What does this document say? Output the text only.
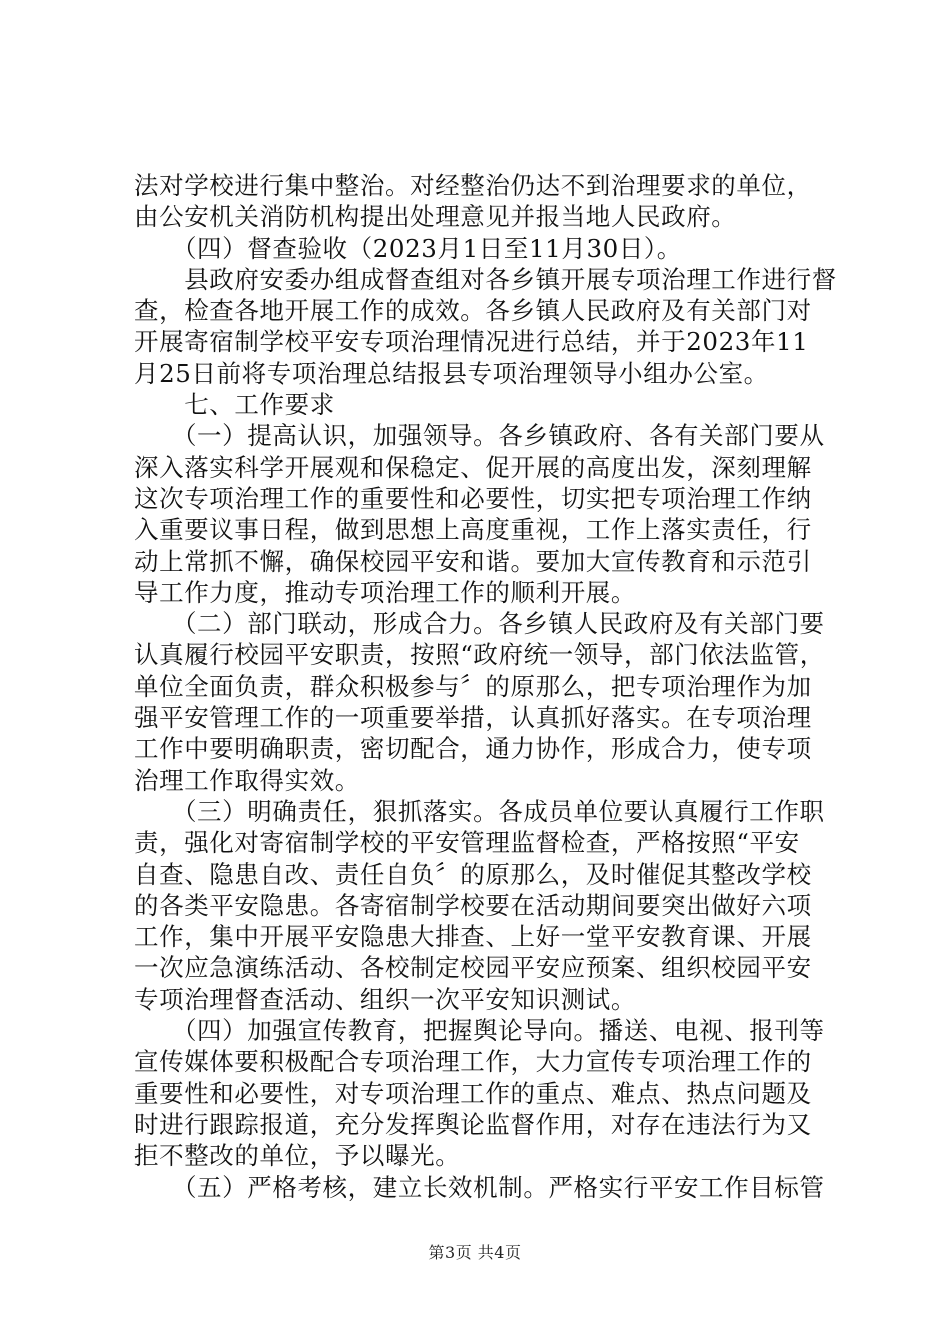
法对学校进行集中整治。对经整治仍达不到治理要求的单位，
由公安机关消防机构提出处理意见并报当地人民政府。
　　（四）督查验收（2023月1日至11月30日）。
　　县政府安委办组成督查组对各乡镇开展专项治理工作进行督
查，检查各地开展工作的成效。各乡镇人民政府及有关部门对
开展寄宿制学校平安专项治理情况进行总结，并于2023年11
月25日前将专项治理总结报县专项治理领导小组办公室。
　　七、工作要求
　　（一）提高认识，加强领导。各乡镇政府、各有关部门要从
深入落实科学开展观和保稳定、促开展的高度出发，深刻理解
这次专项治理工作的重要性和必要性，切实把专项治理工作纳
入重要议事日程，做到思想上高度重视，工作上落实责任，行
动上常抓不懈，确保校园平安和谐。要加大宣传教育和示范引
导工作力度，推动专项治理工作的顺利开展。
　　（二）部门联动，形成合力。各乡镇人民政府及有关部门要
认真履行校园平安职责，按照“政府统一领导，部门依法监管，
单位全面负责，群众积极参与〞的原那么，把专项治理作为加
强平安管理工作的一项重要举措，认真抓好落实。在专项治理
工作中要明确职责，密切配合，通力协作，形成合力，使专项
治理工作取得实效。
　　（三）明确责任，狠抓落实。各成员单位要认真履行工作职
责，强化对寄宿制学校的平安管理监督检查，严格按照“平安
自查、隐患自改、责任自负〞的原那么，及时催促其整改学校
的各类平安隐患。各寄宿制学校要在活动期间要突出做好六项
工作，集中开展平安隐患大排查、上好一堂平安教育课、开展
一次应急演练活动、各校制定校园平安应预案、组织校园平安
专项治理督查活动、组织一次平安知识测试。
　　（四）加强宣传教育，把握舆论导向。播送、电视、报刊等
宣传媒体要积极配合专项治理工作，大力宣传专项治理工作的
重要性和必要性，对专项治理工作的重点、难点、热点问题及
时进行跟踪报道，充分发挥舆论监督作用，对存在违法行为又
拒不整改的单位，予以曝光。
　　（五）严格考核，建立长效机制。严格实行平安工作目标管
第3页 共4页
